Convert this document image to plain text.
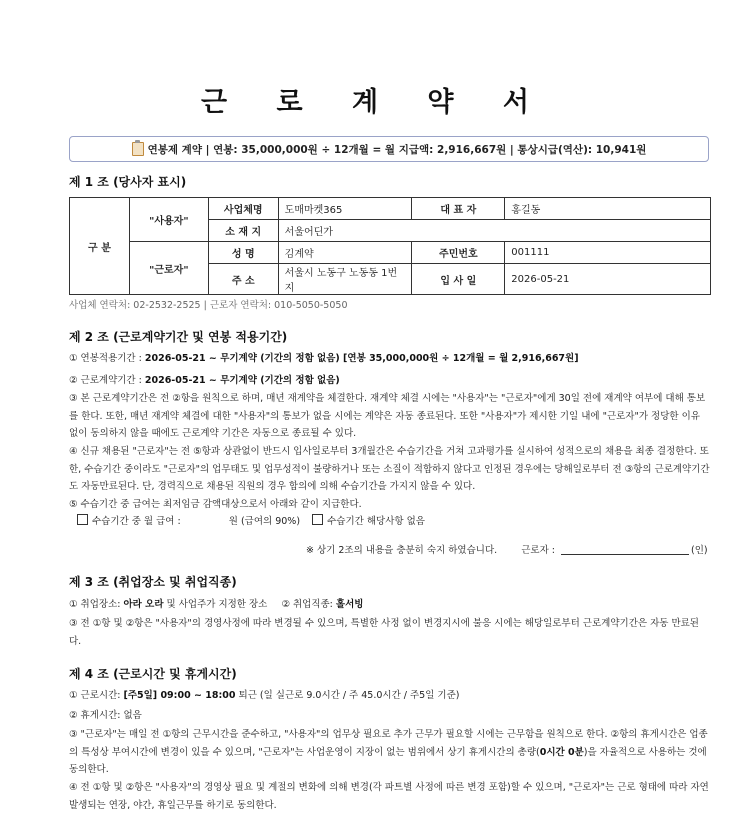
근 로 계 약 서
연봉제 계약 | 연봉: 35,000,000원 ÷ 12개월 = 월 지급액: 2,916,667원 | 통상시급(역산): 10,941원
제 1 조 (당사자 표시)
구 분	"사용자"	사업체명	도매마켓365	대 표 자	홍길동
		소 재 지	서울어딘가		
	"근로자"	성 명	김계약	주민번호	001111
		주 소	서울시 노동구 노동동 1번지	입 사 일	2026-05-21
사업체 연락처: 02-2532-2525 | 근로자 연락처: 010-5050-5050
제 2 조 (근로계약기간 및 연봉 적용기간)
① 연봉적용기간 : 2026-05-21 ~ 무기계약 (기간의 정함 없음) [연봉 35,000,000원 ÷ 12개월 = 월 2,916,667원]
② 근로계약기간 : 2026-05-21 ~ 무기계약 (기간의 정함 없음)
③ 본 근로계약기간은 전 ②항을 원칙으로 하며, 매년 재계약을 체결한다. 재계약 체결 시에는 "사용자"는 "근로자"에게 30일 전에 재계약 여부에 대해 통보를 한다. 또한, 매년 재계약 체결에 대한 "사용자"의 통보가 없을 시에는 계약은 자동 종료된다. 또한 "사용자"가 제시한 기일 내에 "근로자"가 정당한 이유 없이 동의하지 않을 때에도 근로계약 기간은 자동으로 종료될 수 있다.
④ 신규 채용된 "근로자"는 전 ⑤항과 상관없이 반드시 입사일로부터 3개월간은 수습기간을 거쳐 고과평가를 실시하여 성적으로의 채용을 최종 결정한다. 또한, 수습기간 중이라도 "근로자"의 업무태도 및 업무성적이 불량하거나 또는 소질이 적합하지 않다고 인정된 경우에는 당해일로부터 전 ③항의 근로계약기간도 자동만료된다. 단, 경력직으로 채용된 직원의 경우 합의에 의해 수습기간을 가지지 않을 수 있다.
⑤ 수습기간 중 급여는 최저임금 감액대상으로서 아래와 같이 지급한다.
수습기간 중 월 급여 :	원 (급여의 90%)	수습기간 해당사항 없음
※ 상기 2조의 내용을 충분히 숙지 하였습니다.	근로자 :	(인)
제 3 조 (취업장소 및 취업직종)
① 취업장소: 아라 오라 및 사업주가 지정한 장소 ② 취업직종: 홀서빙
③ 전 ①항 및 ②항은 "사용자"의 경영사정에 따라 변경될 수 있으며, 특별한 사정 없이 변경지시에 불응 시에는 해당일로부터 근로계약기간은 자동 만료된다.
제 4 조 (근로시간 및 휴게시간)
① 근로시간: [주5일] 09:00 ~ 18:00 퇴근 (일 실근로 9.0시간 / 주 45.0시간 / 주5일 기준)
② 휴게시간: 없음
③ "근로자"는 매일 전 ①항의 근무시간을 준수하고, "사용자"의 업무상 필요로 추가 근무가 필요할 시에는 근무함을 원칙으로 한다. ②항의 휴게시간은 업종의 특성상 부여시간에 변경이 있을 수 있으며, "근로자"는 사업운영이 지장이 없는 범위에서 상기 휴게시간의 총량(0시간 0분)을 자율적으로 사용하는 것에 동의한다.
④ 전 ①항 및 ②항은 "사용자"의 경영상 필요 및 계절의 변화에 의해 변경(각 파트별 사정에 따른 변경 포함)할 수 있으며, "근로자"는 근로 형태에 따라 자연발생되는 연장, 야간, 휴일근무를 하기로 동의한다.
